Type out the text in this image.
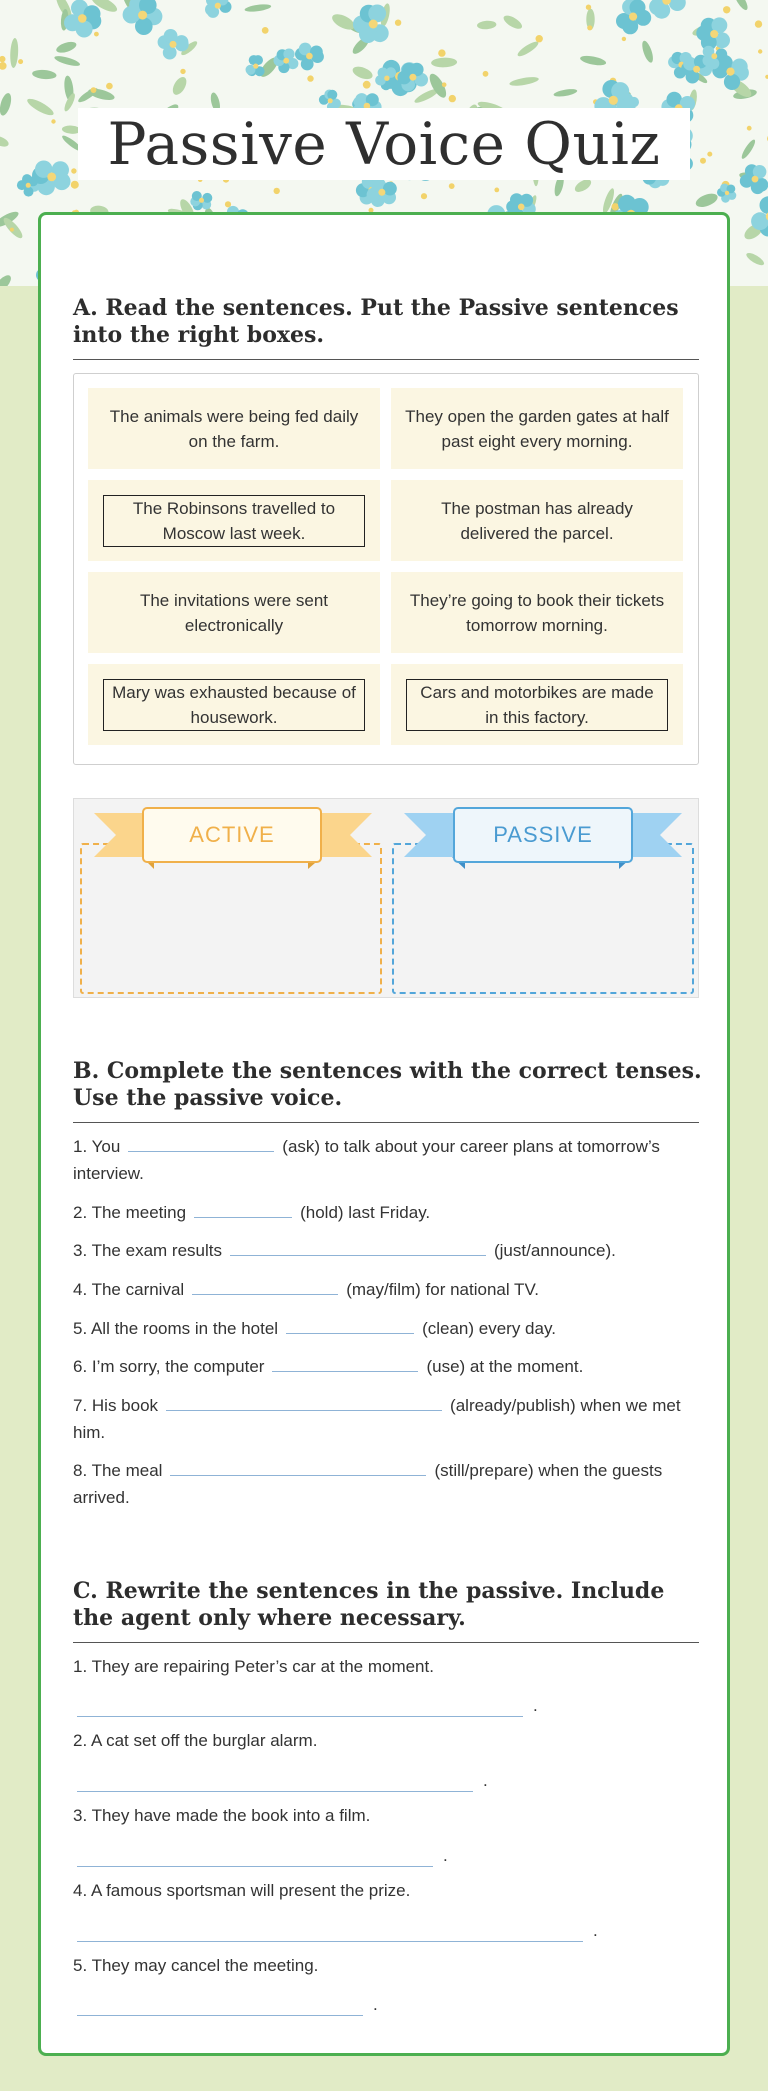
Passive Voice Quiz
A. Read the sentences. Put the Passive sentences into the right boxes.
The animals were being fed daily on the farm.
They open the garden gates at half past eight every morning.
The Robinsons travelled to Moscow last week.
The postman has already delivered the parcel.
The invitations were sent electronically
They’re going to book their tickets tomorrow morning.
Mary was exhausted because of housework.
Cars and motorbikes are made in this factory.
ACTIVE	PASSIVE
B. Complete the sentences with the correct tenses. Use the passive voice.
1. You	(ask) to talk about your career plans at tomorrow’s interview.
2. The meeting	(hold) last Friday.
3. The exam results	(just/announce).
4. The carnival	(may/film) for national TV.
5. All the rooms in the hotel	(clean) every day.
6. I’m sorry, the computer	(use) at the moment.
7. His book	(already/publish) when we met him.
8. The meal	(still/prepare) when the guests arrived.
C. Rewrite the sentences in the passive. Include the agent only where necessary.
1. They are repairing Peter’s car at the moment.
.
2. A cat set off the burglar alarm.
.
3. They have made the book into a film.
.
4. A famous sportsman will present the prize.
.
5. They may cancel the meeting.
.
